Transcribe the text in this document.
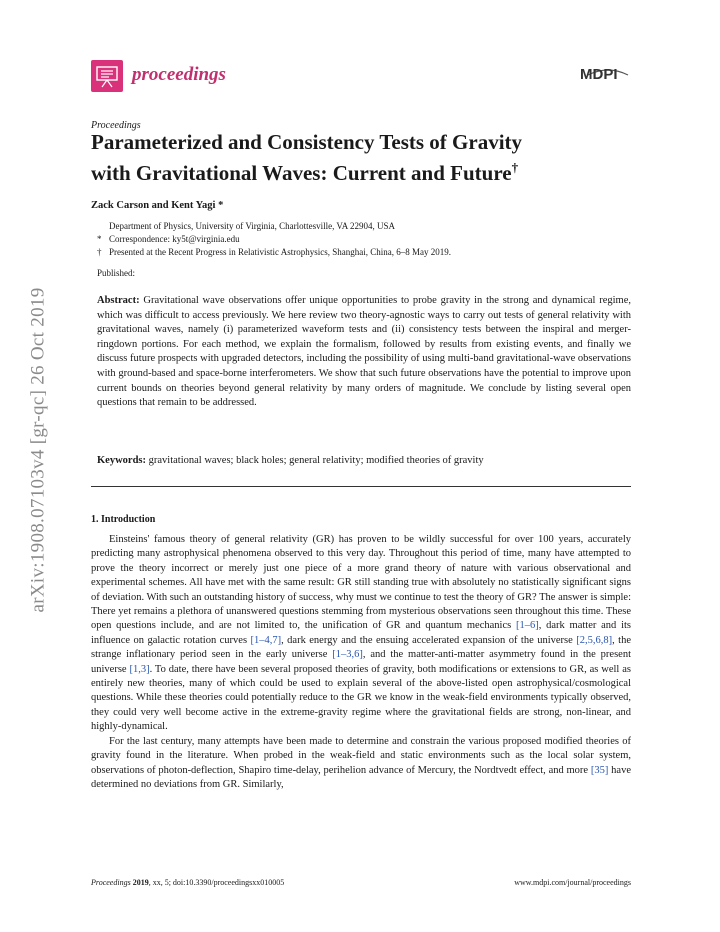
arXiv:1908.07103v4 [gr-qc] 26 Oct 2019
proceedings	MDPI
Proceedings
Parameterized and Consistency Tests of Gravity
with Gravitational Waves: Current and Future†
Zack Carson and Kent Yagi *
Department of Physics, University of Virginia, Charlottesville, VA 22904, USA
* Correspondence: ky5t@virginia.edu
† Presented at the Recent Progress in Relativistic Astrophysics, Shanghai, China, 6–8 May 2019.
Published:
Abstract: Gravitational wave observations offer unique opportunities to probe gravity in the strong and dynamical regime, which was difficult to access previously. We here review two theory-agnostic ways to carry out tests of general relativity with gravitational waves, namely (i) parameterized waveform tests and (ii) consistency tests between the inspiral and merger-ringdown portions. For each method, we explain the formalism, followed by results from existing events, and finally we discuss future prospects with upgraded detectors, including the possibility of using multi-band gravitational-wave observations with ground-based and space-borne interferometers. We show that such future observations have the potential to improve upon current bounds on theories beyond general relativity by many orders of magnitude. We conclude by listing several open questions that remain to be addressed.
Keywords: gravitational waves; black holes; general relativity; modified theories of gravity
1. Introduction

Einsteins' famous theory of general relativity (GR) has proven to be wildly successful for over 100 years, accurately predicting many astrophysical phenomena observed to this very day. Throughout this period of time, many have attempted to prove the theory incorrect or merely just one piece of a more grand theory of nature with various observational and experimental schemes. All have met with the same result: GR still standing true with absolutely no statistically significant signs of deviation. With such an outstanding history of success, why must we continue to test the theory of GR? The answer is simple: There yet remains a plethora of unanswered questions stemming from mysterious observations seen throughout this time. These open questions include, and are not limited to, the unification of GR and quantum mechanics [1–6], dark matter and its influence on galactic rotation curves [1–4,7], dark energy and the ensuing accelerated expansion of the universe [2,5,6,8], the strange inflationary period seen in the early universe [1–3,6], and the matter-anti-matter asymmetry found in the present universe [1,3]. To date, there have been several proposed theories of gravity, both modifications or extensions to GR, as well as entirely new theories, many of which could be used to explain several of the above-listed open astrophysical/cosmological questions. While these theories could potentially reduce to the GR we know in the weak-field environments typically observed, they could very well become active in the extreme-gravity regime where the gravitational fields are strong, non-linear, and highly-dynamical.

For the last century, many attempts have been made to determine and constrain the various proposed modified theories of gravity found in the literature. When probed in the weak-field and static environments such as the local solar system, observations of photon-deflection, Shapiro time-delay, perihelion advance of Mercury, the Nordtvedt effect, and more [35] have determined no deviations from GR. Similarly,

Proceedings 2019, xx, 5; doi:10.3390/proceedingsxx010005	www.mdpi.com/journal/proceedings
